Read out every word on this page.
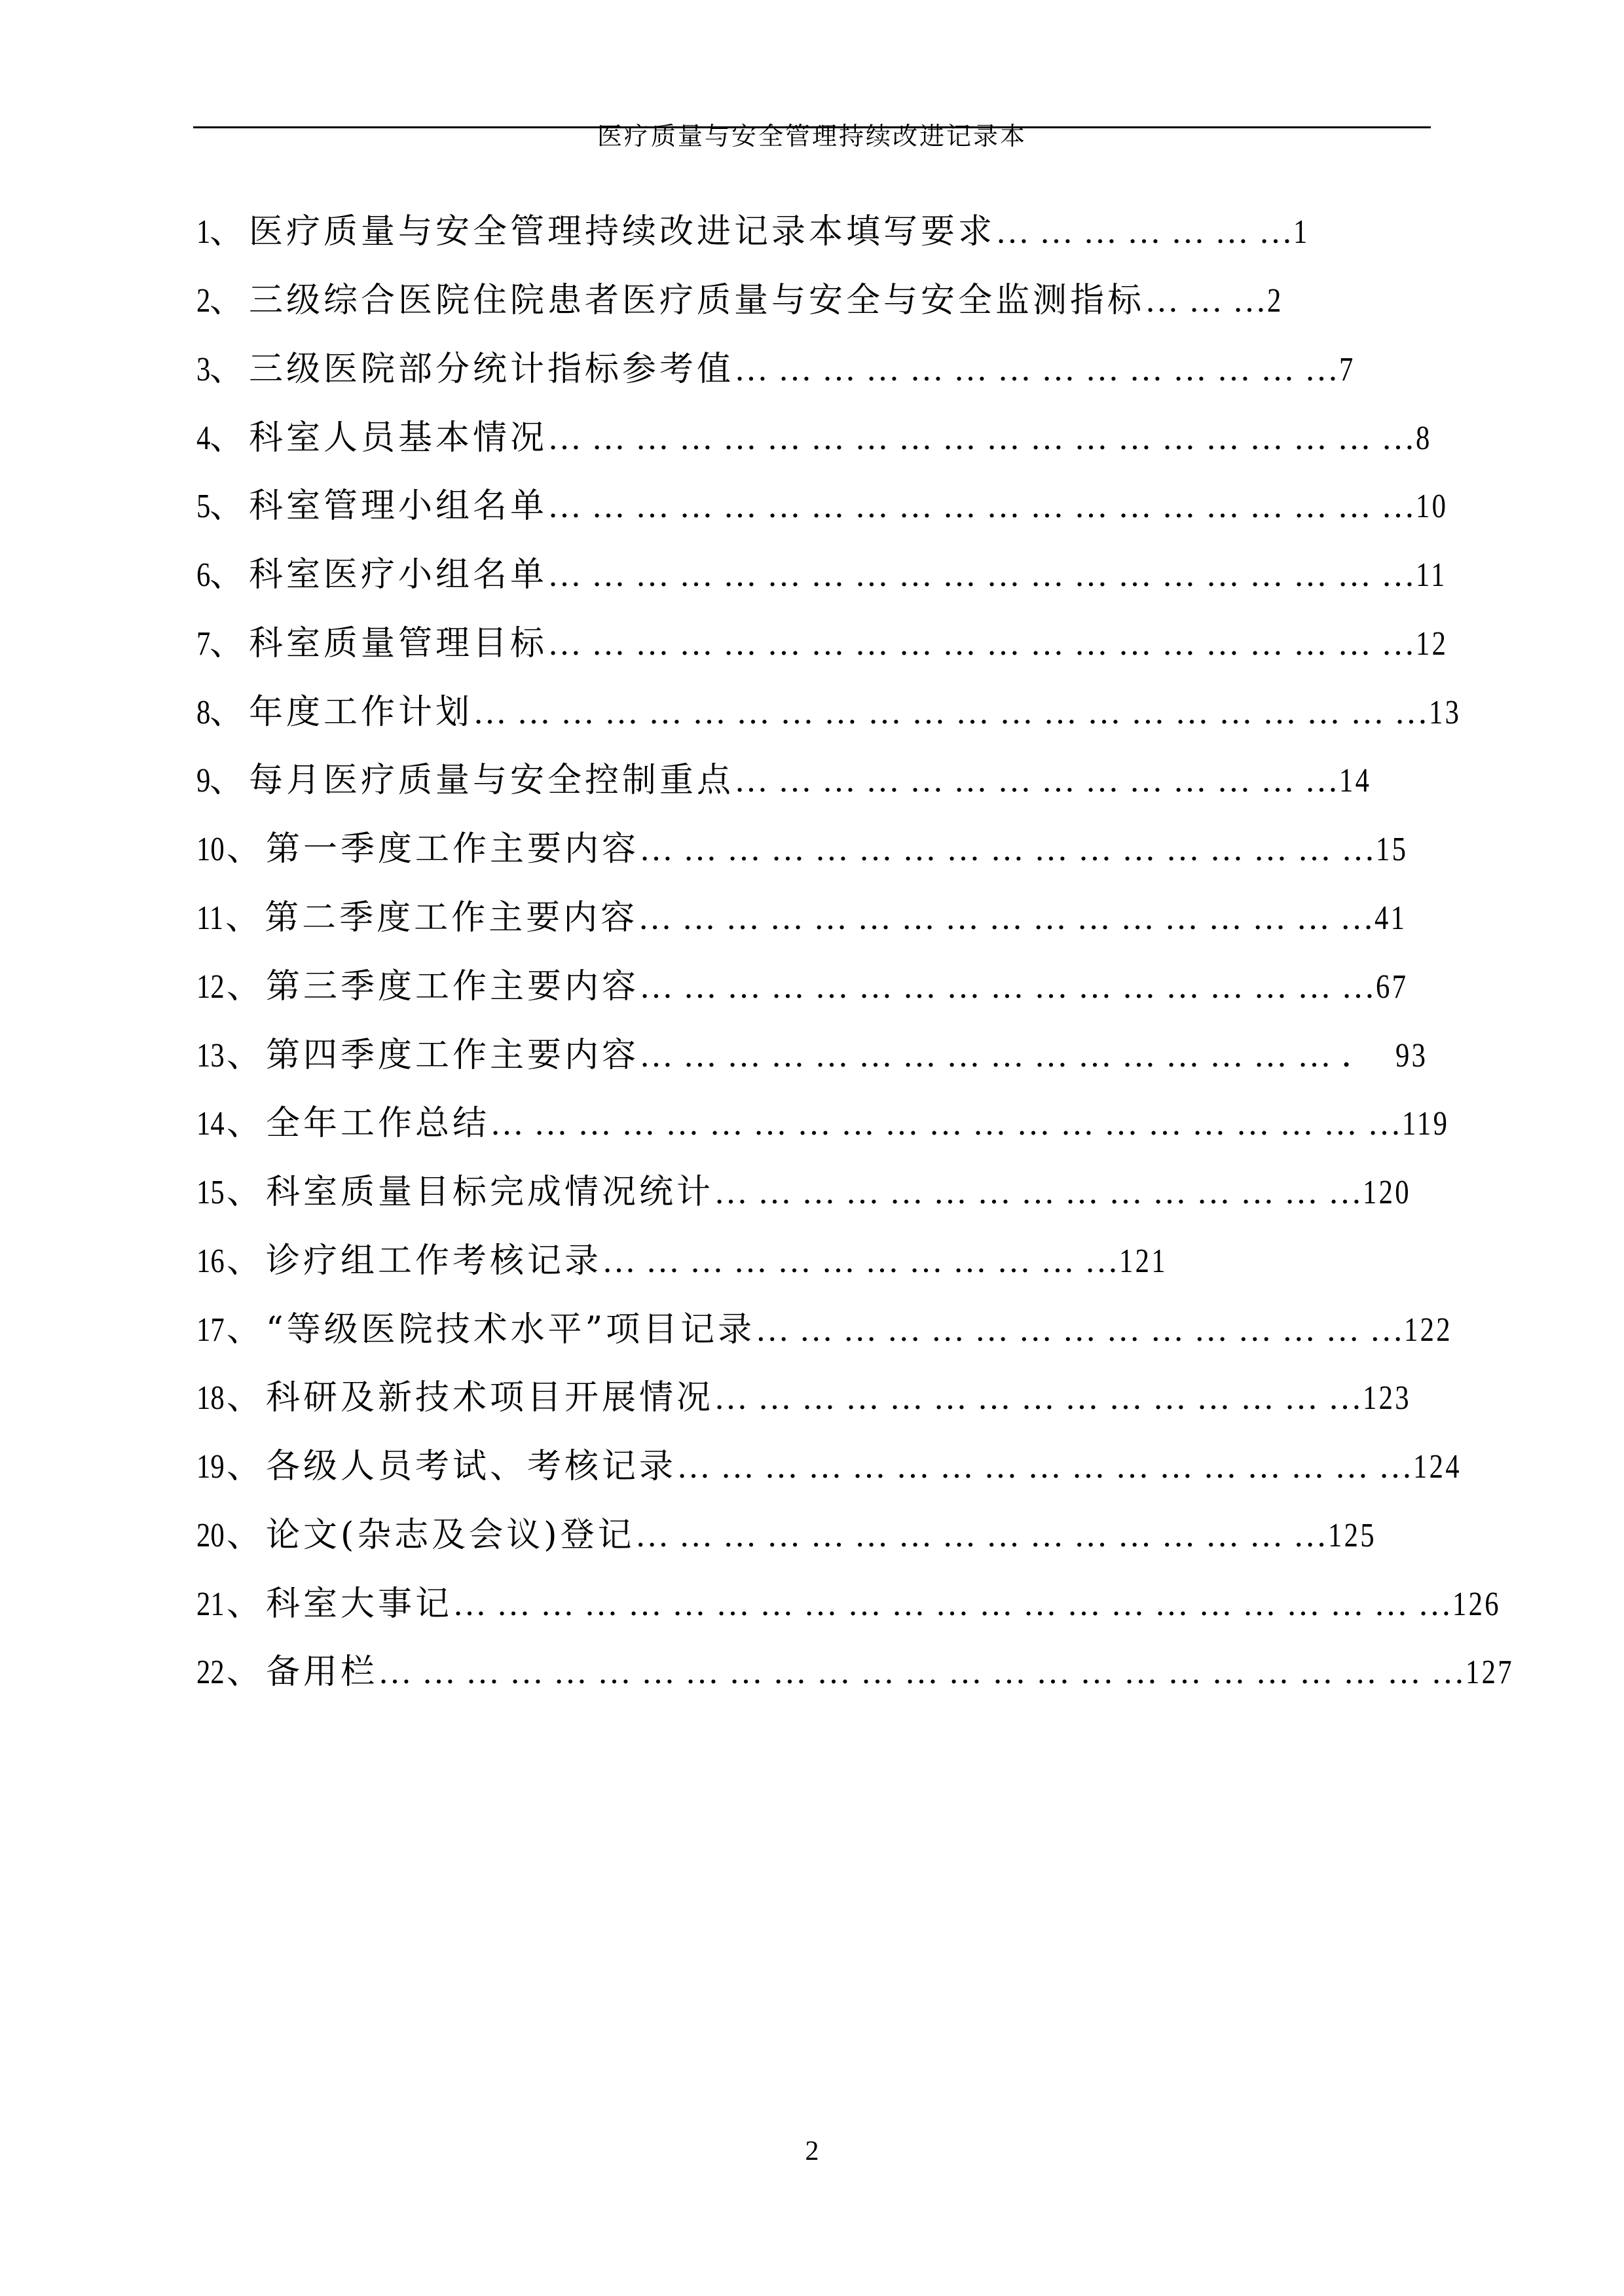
医疗质量与安全管理持续改进记录本
1、医疗质量与安全管理持续改进记录本填写要求… … … … … … …1
2、三级综合医院住院患者医疗质量与安全与安全监测指标… … …2
3、三级医院部分统计指标参考值… … … … … … … … … … … … … …7
4、科室人员基本情况… … … … … … … … … … … … … … … … … … … …8
5、科室管理小组名单… … … … … … … … … … … … … … … … … … … …10
6、科室医疗小组名单… … … … … … … … … … … … … … … … … … … …11
7、科室质量管理目标… … … … … … … … … … … … … … … … … … … …12
8、年度工作计划… … … … … … … … … … … … … … … … … … … … … …13
9、每月医疗质量与安全控制重点… … … … … … … … … … … … … …14
10、第一季度工作主要内容… … … … … … … … … … … … … … … … …15
11、第二季度工作主要内容… … … … … … … … … … … … … … … … …41
12、第三季度工作主要内容… … … … … … … … … … … … … … … … …67
13、第四季度工作主要内容… … … … … … … … … … … … … … … … ． 93
14、全年工作总结… … … … … … … … … … … … … … … … … … … … …119
15、科室质量目标完成情况统计… … … … … … … … … … … … … … …120
16、诊疗组工作考核记录… … … … … … … … … … … …121
17、“等级医院技术水平”项目记录… … … … … … … … … … … … … … …122
18、科研及新技术项目开展情况… … … … … … … … … … … … … … …123
19、各级人员考试、考核记录… … … … … … … … … … … … … … … … …124
20、论文(杂志及会议)登记… … … … … … … … … … … … … … … …125
21、科室大事记… … … … … … … … … … … … … … … … … … … … … … …126
22、备用栏… … … … … … … … … … … … … … … … … … … … … … … … …127
2
